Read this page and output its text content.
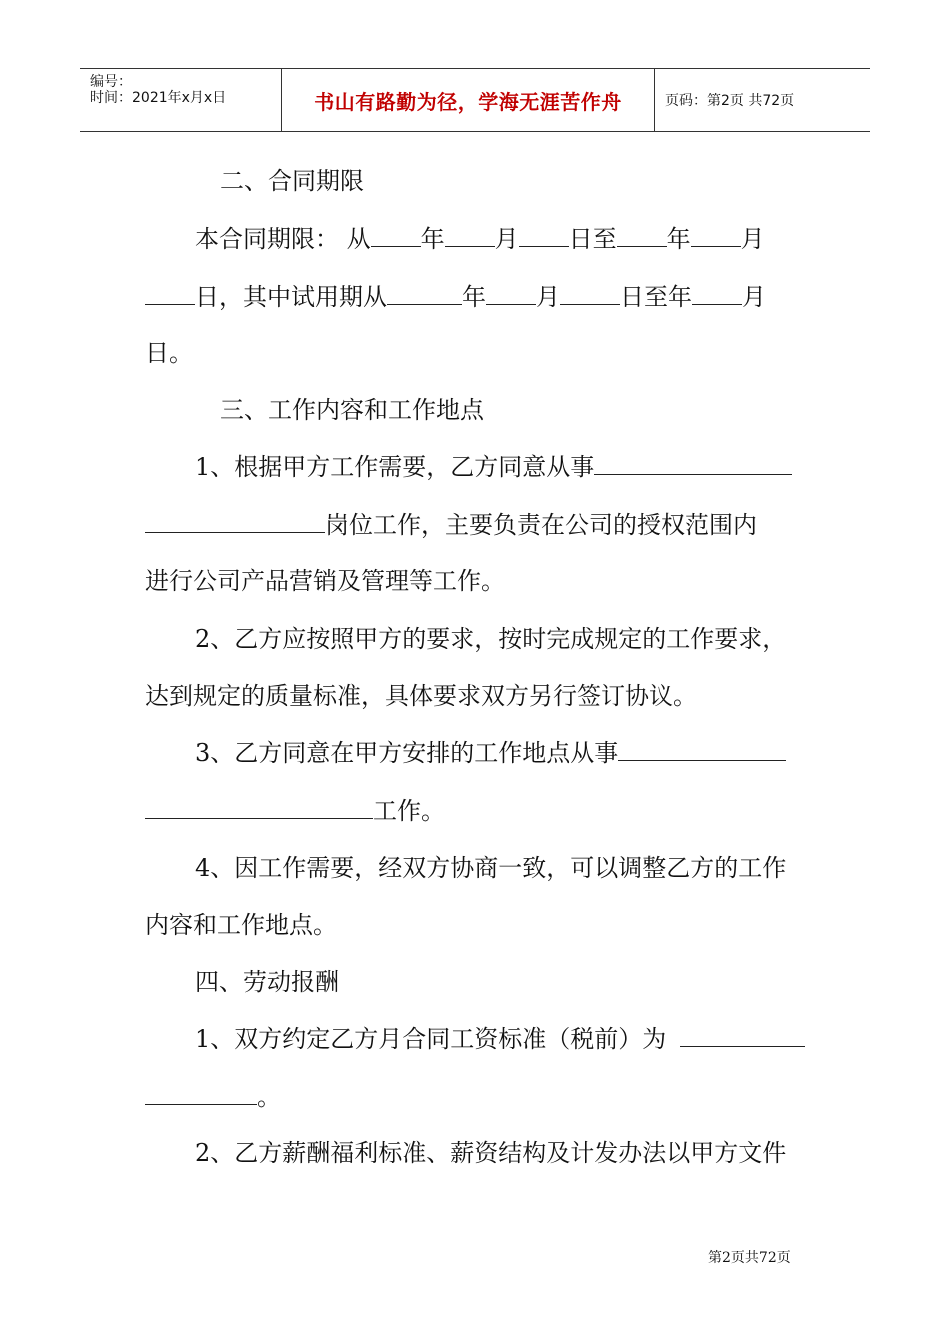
编号：
时间：2021年x月x日	书山有路勤为径，学海无涯苦作舟	页码：第2页 共72页
二、合同期限
本合同期限： 从 年 月 日至 年 月
日，其中试用期从	年 月	日至年 月
日。
三、工作内容和工作地点
1、根据甲方工作需要，乙方同意从事
岗位工作，主要负责在公司的授权范围内
进行公司产品营销及管理等工作。
2、乙方应按照甲方的要求，按时完成规定的工作要求，
达到规定的质量标准，具体要求双方另行签订协议。
3、乙方同意在甲方安排的工作地点从事
工作。
4、因工作需要，经双方协商一致，可以调整乙方的工作
内容和工作地点。
四、劳动报酬
1、双方约定乙方月合同工资标准（税前）为
。
2、乙方薪酬福利标准、薪资结构及计发办法以甲方文件
第2页共72页
